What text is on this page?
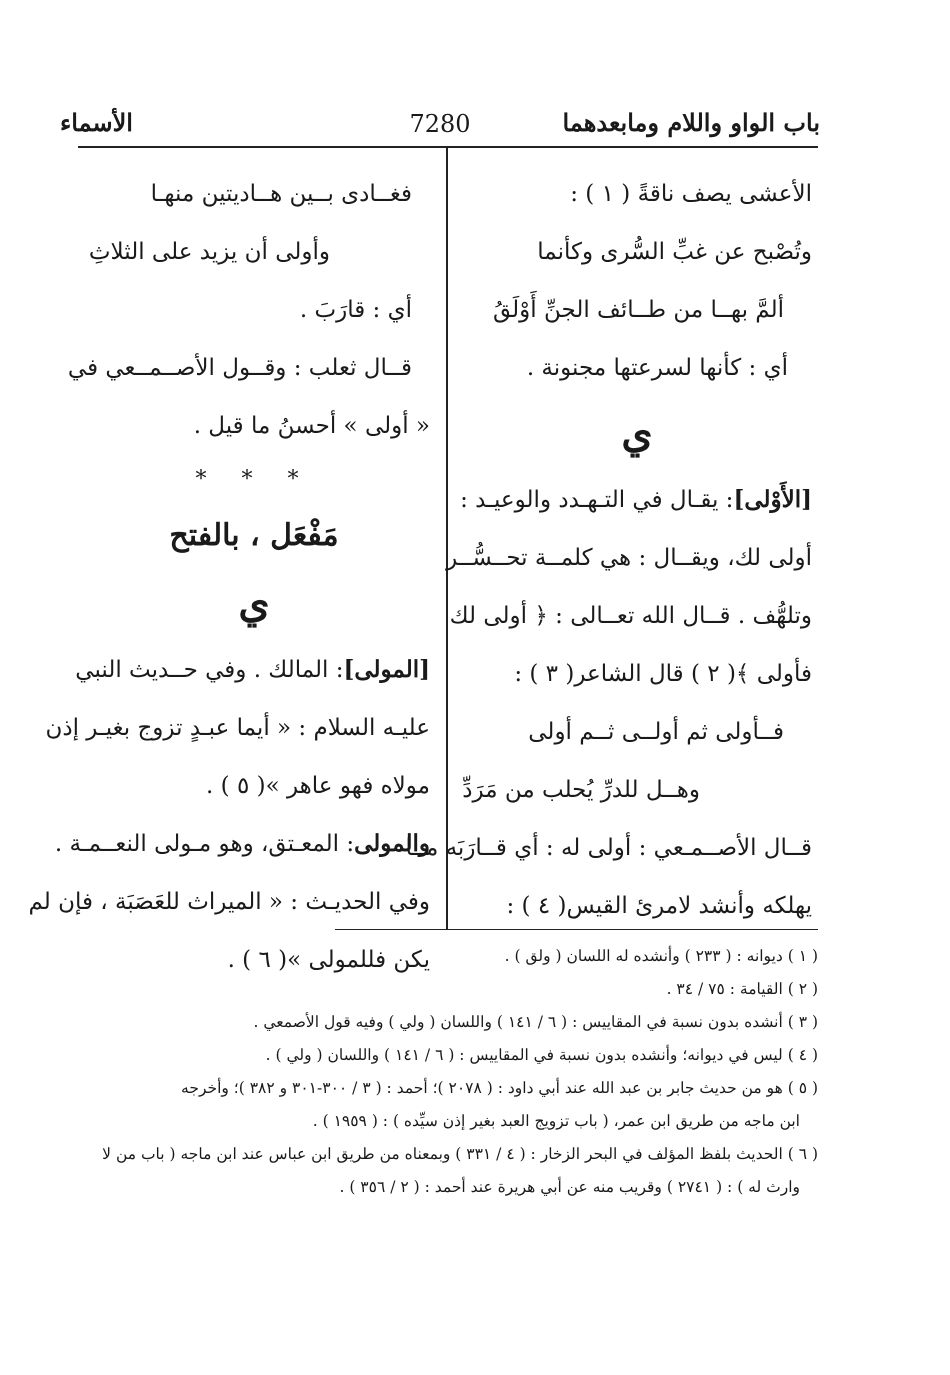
باب الواو واللام ومابعدهما
7280
الأسماء
الأعشى يصف ناقةً ( ١ ) :
وتُصْبح عن غبِّ السُّرى وكأنما
ألمَّ بهــا من طــائف الجنِّ أَوْلَقُ
أي : كأنها لسرعتها مجنونة .
ي
[الأَوْلى]: يقـال في التـهـدد والوعيـد :
أولى لك، ويقــال : هي كلمــة تحــسُّــر
وتلهُّف . قــال الله تعــالى : ﴿ أولى لك
فأولى ﴾( ٢ ) قال الشاعر( ٣ ) :
فــأولى ثم أولــى ثــم أولى
وهــل للدرِّ يُحلب من مَرَدِّ
قــال الأصــمـعي : أولى له : أي قــارَبَه مــا
يهلكه وأنشد لامرئ القيس( ٤ ) :
فغــادى بــين هــاديتين منهـا
وأولى أن يزيد على الثلاثِ
أي : قارَبَ .
قــال ثعلب : وقــول الأصــمــعي في
« أولى » أحسنُ ما قيل .
* * *
مَفْعَل ، بالفتح
ي
[المولى]: المالك . وفي حــديث النبي
عليـه السلام : « أيما عبـدٍ تزوج بغيـر إذن
مولاه فهو عاهر »( ٥ ) .
والمولى: المعـتق، وهو مـولى النعــمـة .
وفي الحديـث : « الميراث للعَصَبَة ، فإن لم
يكن فللمولى »( ٦ ) .	( ١ ) ديوانه : ( ٢٣٣ ) وأنشده له اللسان ( ولق ) .
( ٢ ) القيامة : ٧٥ / ٣٤ .
( ٣ ) أنشده بدون نسبة في المقاييس : ( ٦ / ١٤١ ) واللسان ( ولي ) وفيه قول الأصمعي .
( ٤ ) ليس في ديوانه؛ وأنشده بدون نسبة في المقاييس : ( ٦ / ١٤١ ) واللسان ( ولي ) .
( ٥ ) هو من حديث جابر بن عبد الله عند أبي داود : ( ٢٠٧٨ )؛ أحمد : ( ٣ / ٣٠٠-٣٠١ و ٣٨٢ )؛ وأخرجه
ابن ماجه من طريق ابن عمر، ( باب تزويج العبد بغير إذن سيِّده ) : ( ١٩٥٩ ) .
( ٦ ) الحديث بلفظ المؤلف في البحر الزخار : ( ٤ / ٣٣١ ) وبمعناه من طريق ابن عباس عند ابن ماجه ( باب من لا
وارث له ) : ( ٢٧٤١ ) وقريب منه عن أبي هريرة عند أحمد : ( ٢ / ٣٥٦ ) .
